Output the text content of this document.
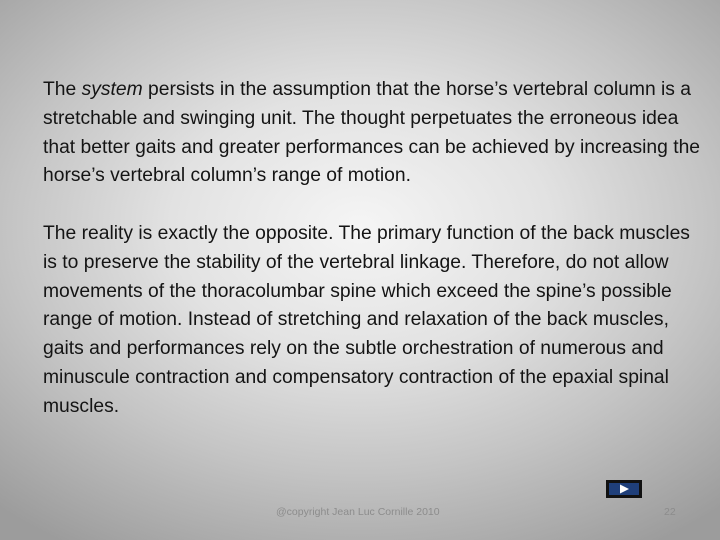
The system persists in the assumption that the horse’s vertebral column is a stretchable and swinging unit. The thought perpetuates the erroneous idea that better gaits and greater performances can be achieved by increasing the horse’s vertebral column’s range of motion.

The reality is exactly the opposite. The primary function of the back muscles is to preserve the stability of the vertebral linkage. Therefore, do not allow movements of the thoracolumbar spine which exceed the spine’s possible range of motion. Instead of stretching and relaxation of the back muscles, gaits and performances rely on the subtle orchestration of numerous and minuscule contraction and compensatory contraction of the epaxial spinal muscles.

@copyright Jean Luc Cornille 2010	22
